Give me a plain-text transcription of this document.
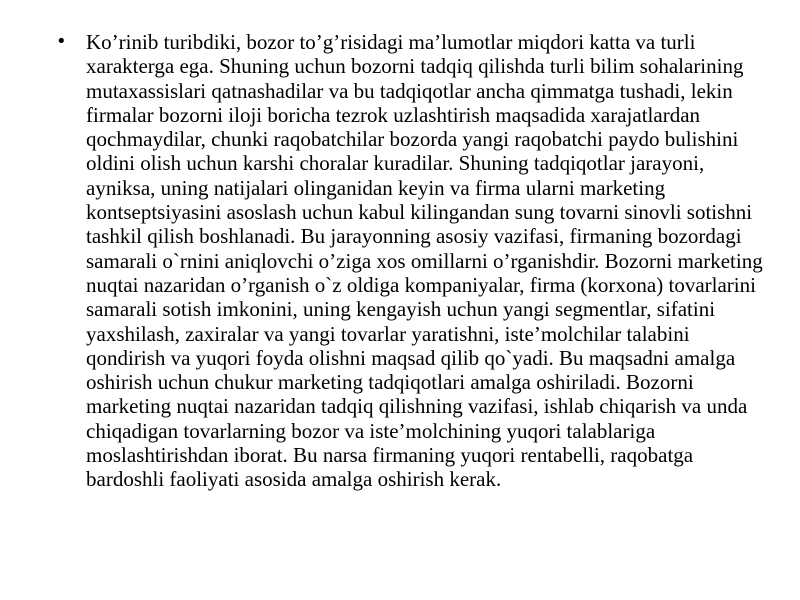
• Ko’rinib turibdiki, bozor to’g’risidagi ma’lumotlar miqdori katta va turli xarakterga ega. Shuning uchun bozorni tadqiq qilishda turli bilim sohalarining mutaxassislari qatnashadilar va bu tadqiqotlar ancha qimmatga tushadi, lekin firmalar bozorni iloji boricha tezrok uzlashtirish maqsadida xarajatlardan qochmaydilar, chunki raqobatchilar bozorda yangi raqobatchi paydo bulishini oldini olish uchun karshi choralar kuradilar. Shuning tadqiqotlar jarayoni, ayniksa, uning natijalari olinganidan keyin va firma ularni marketing kontseptsiyasini asoslash uchun kabul kilingandan sung tovarni sinovli sotishni tashkil qilish boshlanadi. Bu jarayonning asosiy vazifasi, firmaning bozordagi samarali o`rnini aniqlovchi o’ziga xos omillarni o’rganishdir. Bozorni marketing nuqtai nazaridan o’rganish o`z oldiga kompaniyalar, firma (korxona) tovarlarini samarali sotish imkonini, uning kengayish uchun yangi segmentlar, sifatini yaxshilash, zaxiralar va yangi tovarlar yaratishni, iste’molchilar talabini qondirish va yuqori foyda olishni maqsad qilib qo`yadi. Bu maqsadni amalga oshirish uchun chukur marketing tadqiqotlari amalga oshiriladi. Bozorni marketing nuqtai nazaridan tadqiq qilishning vazifasi, ishlab chiqarish va unda chiqadigan tovarlarning bozor va iste’molchining yuqori talablariga moslashtirishdan iborat. Bu narsa firmaning yuqori rentabelli, raqobatga bardoshli faoliyati asosida amalga oshirish kerak.
